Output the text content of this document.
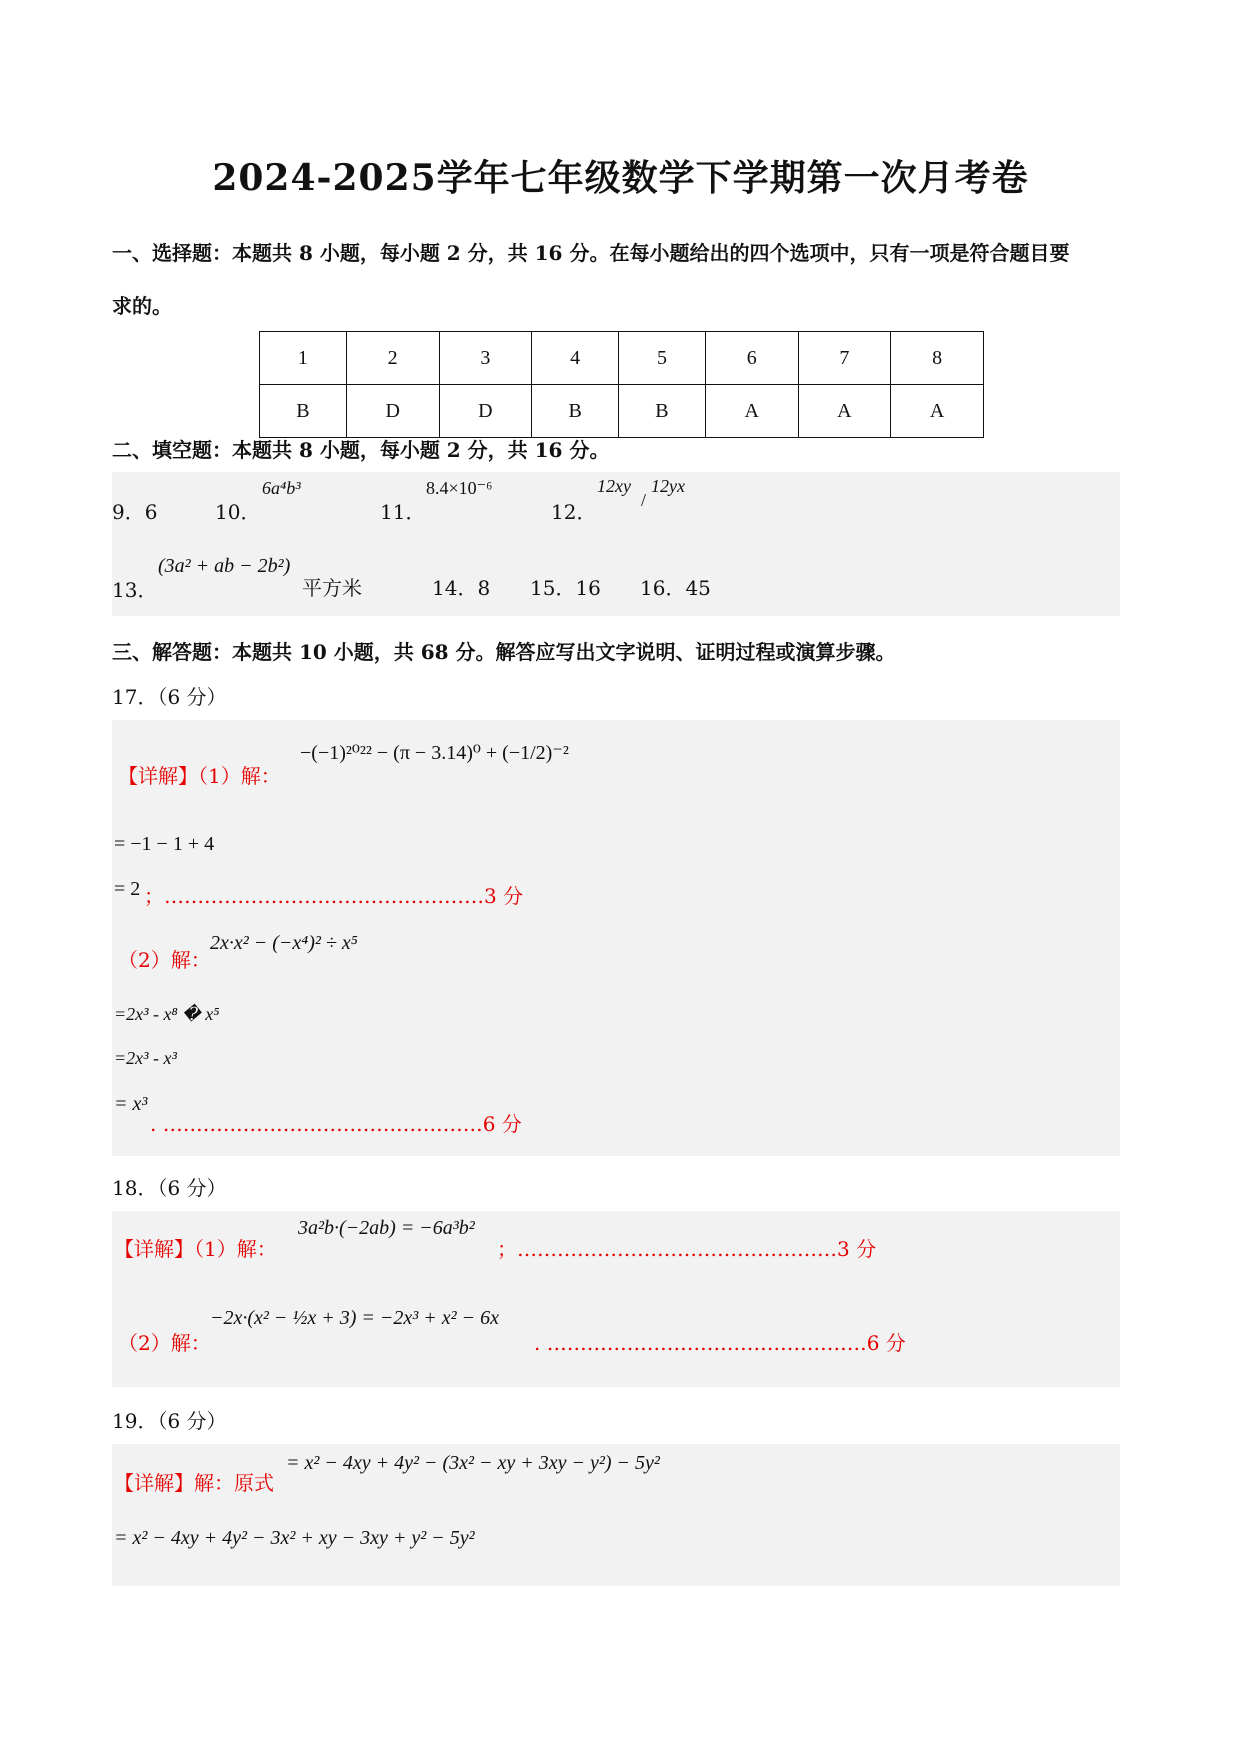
2024-2025学年七年级数学下学期第一次月考卷
一、选择题：本题共 8 小题，每小题 2 分，共 16 分。在每小题给出的四个选项中，只有一项是符合题目要
求的。
1	2	3	4	5	6	7	8
B	D	D	B	B	A	A	A
二、填空题：本题共 8 小题，每小题 2 分，共 16 分。
9．6	10．
6a⁴b³
11．
8.4×10⁻⁶
12．
12xy
/
12yx
13．
(3a² + ab − 2b²)
平方米	14．8 15．16 16．45
三、解答题：本题共 10 小题，共 68 分。解答应写出文字说明、证明过程或演算步骤。
17．（6 分）
【详解】（1）解：
−(−1)²⁰²² − (π − 3.14)⁰ + (−1/2)⁻²
= −1 − 1 + 4
= 2 ；…………………………………………3 分
（2）解：
2x·x² − (−x⁴)² ÷ x⁵
=2x³ - x⁸ � x⁵
=2x³ - x³
= x³
. …………………………………………6 分
18．（6 分）
【详解】（1）解：
3a²b·(−2ab) = −6a³b²
；…………………………………………3 分
（2）解：
−2x·(x² − ½x + 3) = −2x³ + x² − 6x
. …………………………………………6 分
19．（6 分）
【详解】解：原式
= x² − 4xy + 4y² − (3x² − xy + 3xy − y²) − 5y²
= x² − 4xy + 4y² − 3x² + xy − 3xy + y² − 5y²
